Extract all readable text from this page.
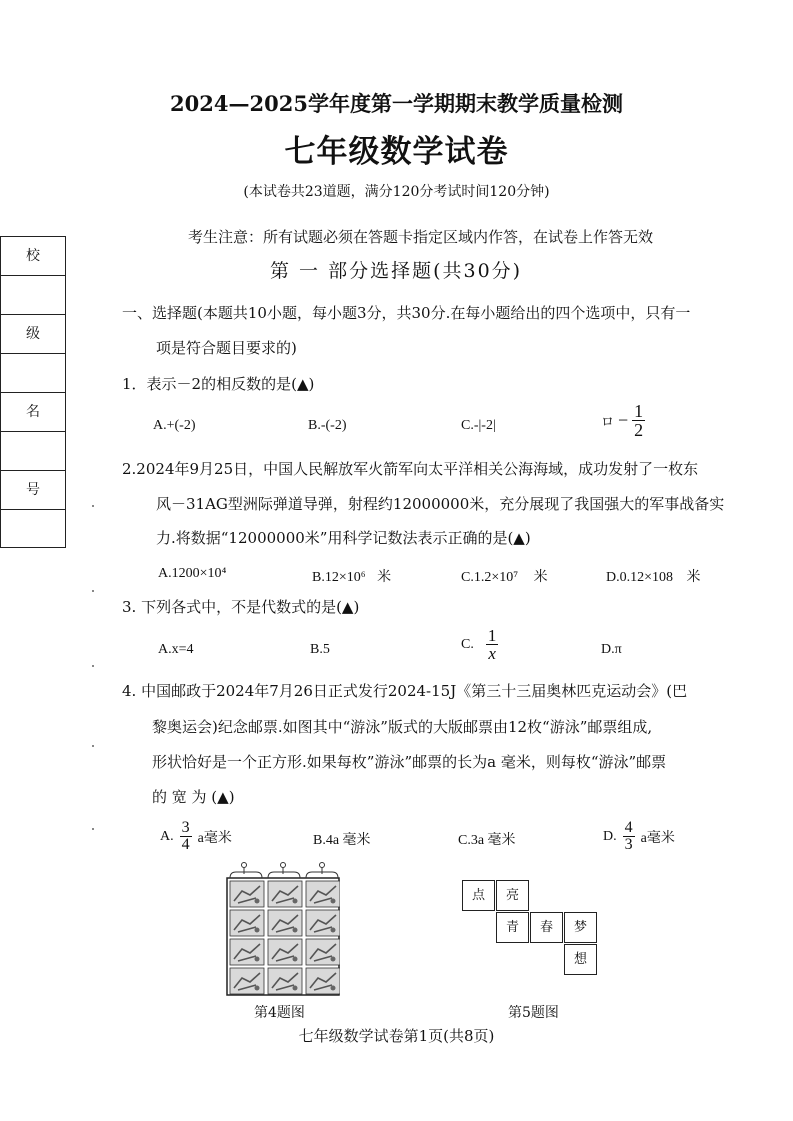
2024—2025学年度第一学期期末教学质量检测
七年级数学试卷
(本试卷共23道题，满分120分考试时间120分钟)
考生注意：所有试题必须在答题卡指定区域内作答，在试卷上作答无效
第 一 部分选择题(共30分)
校
级
名
号
一、选择题(本题共10小题，每小题3分，共30分.在每小题给出的四个选项中，只有一
项是符合题目要求的)
1．表示－2的相反数的是(▲)
A.+(-2)	B.-(-2)	C.-|-2|	ロ − $\frac{1}{2}$
2.2024年9月25日，中国人民解放军火箭军向太平洋相关公海海域，成功发射了一枚东
风－31AG型洲际弹道导弹，射程约12000000米，充分展现了我国强大的军事战备实
力.将数据“12000000米”用科学记数法表示正确的是(▲)
A.1200×10⁴	B.12×10⁶ 米	C.1.2×10⁷ 米	D.0.12×108 米
3. 下列各式中，不是代数式的是(▲)
A.x=4	B.5	C. $\frac{1}{x}$	D.π
4. 中国邮政于2024年7月26日正式发行2024-15J《第三十三届奥林匹克运动会》(巴
黎奥运会)纪念邮票.如图其中“游泳”版式的大版邮票由12枚“游泳”邮票组成,
形状恰好是一个正方形.如果每枚”游泳”邮票的长为a 毫米，则每枚“游泳”邮票
的 宽 为 (▲)
A. $\frac{3}{4}$ a毫米	B.4a 毫米	C.3a 毫米	D. $\frac{4}{3}$ a毫米
第4题图
点	亮
青	春	梦
想
第5题图
七年级数学试卷第1页(共8页)
